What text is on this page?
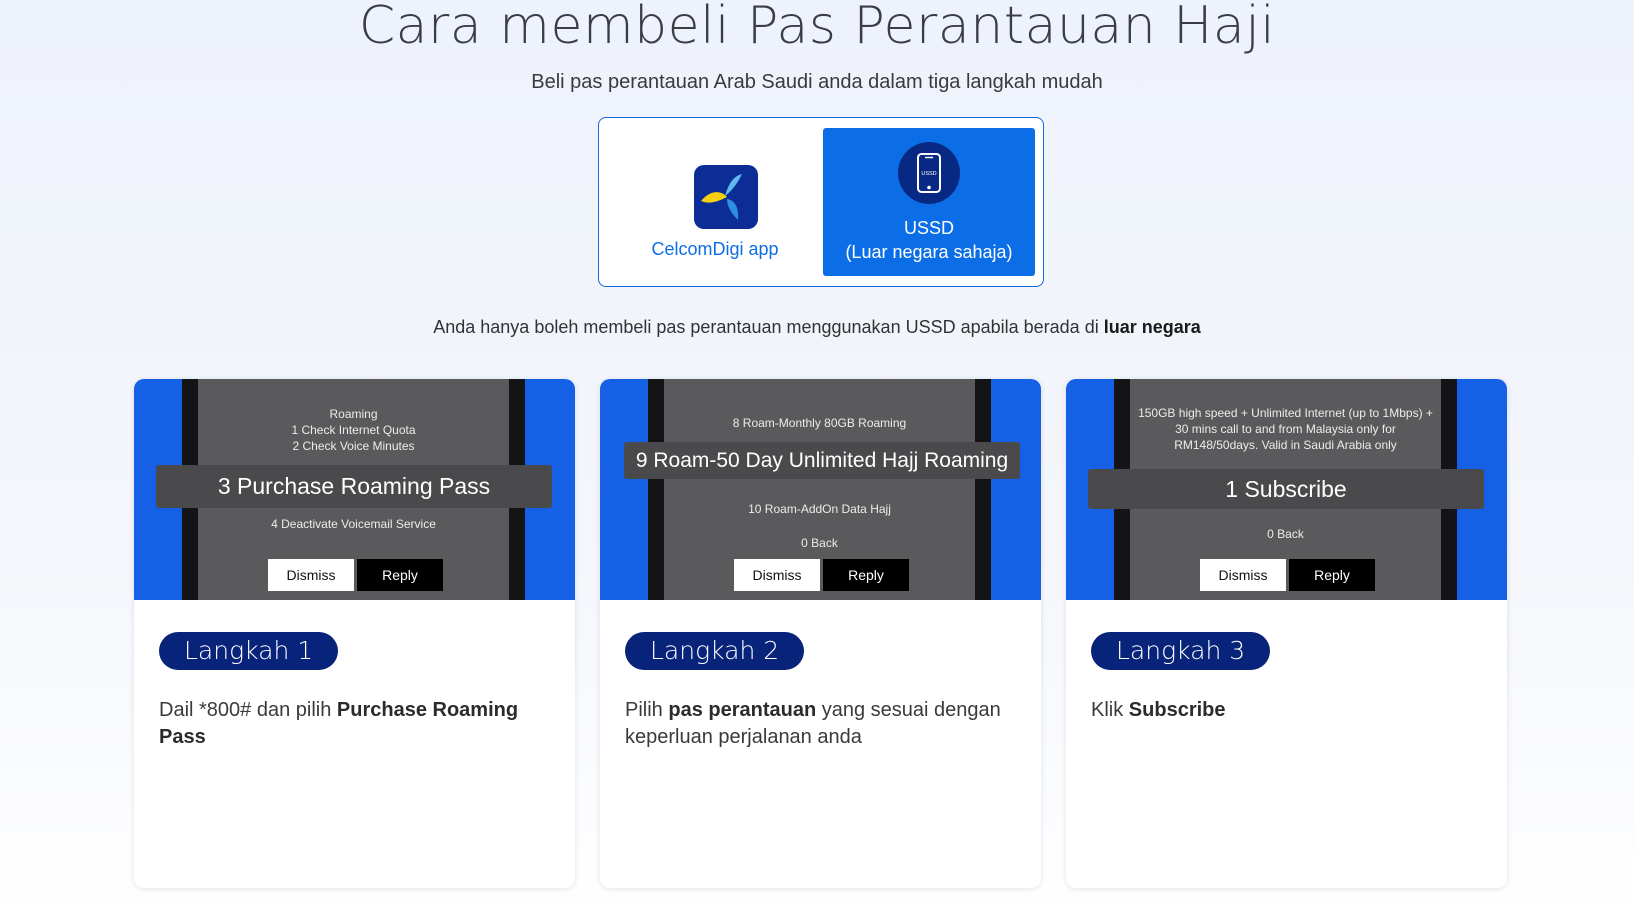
Cara membeli Pas Perantauan Haji
Beli pas perantauan Arab Saudi anda dalam tiga langkah mudah
CelcomDigi app
USSD
USSD
(Luar negara sahaja)
Anda hanya boleh membeli pas perantauan menggunakan USSD apabila berada di luar negara
Roaming
1 Check Internet Quota
2 Check Voice Minutes
4 Deactivate Voicemail Service
Dismiss	Reply
3 Purchase Roaming Pass
Langkah 1
Dail *800# dan pilih Purchase Roaming Pass
8 Roam-Monthly 80GB Roaming
10 Roam-AddOn Data Hajj
0 Back
Dismiss	Reply
9 Roam-50 Day Unlimited Hajj Roaming
Langkah 2
Pilih pas perantauan yang sesuai dengan keperluan perjalanan anda
150GB high speed + Unlimited Internet (up to 1Mbps) +
30 mins call to and from Malaysia only for
RM148/50days. Valid in Saudi Arabia only
0 Back
Dismiss	Reply
1 Subscribe
Langkah 3
Klik Subscribe
